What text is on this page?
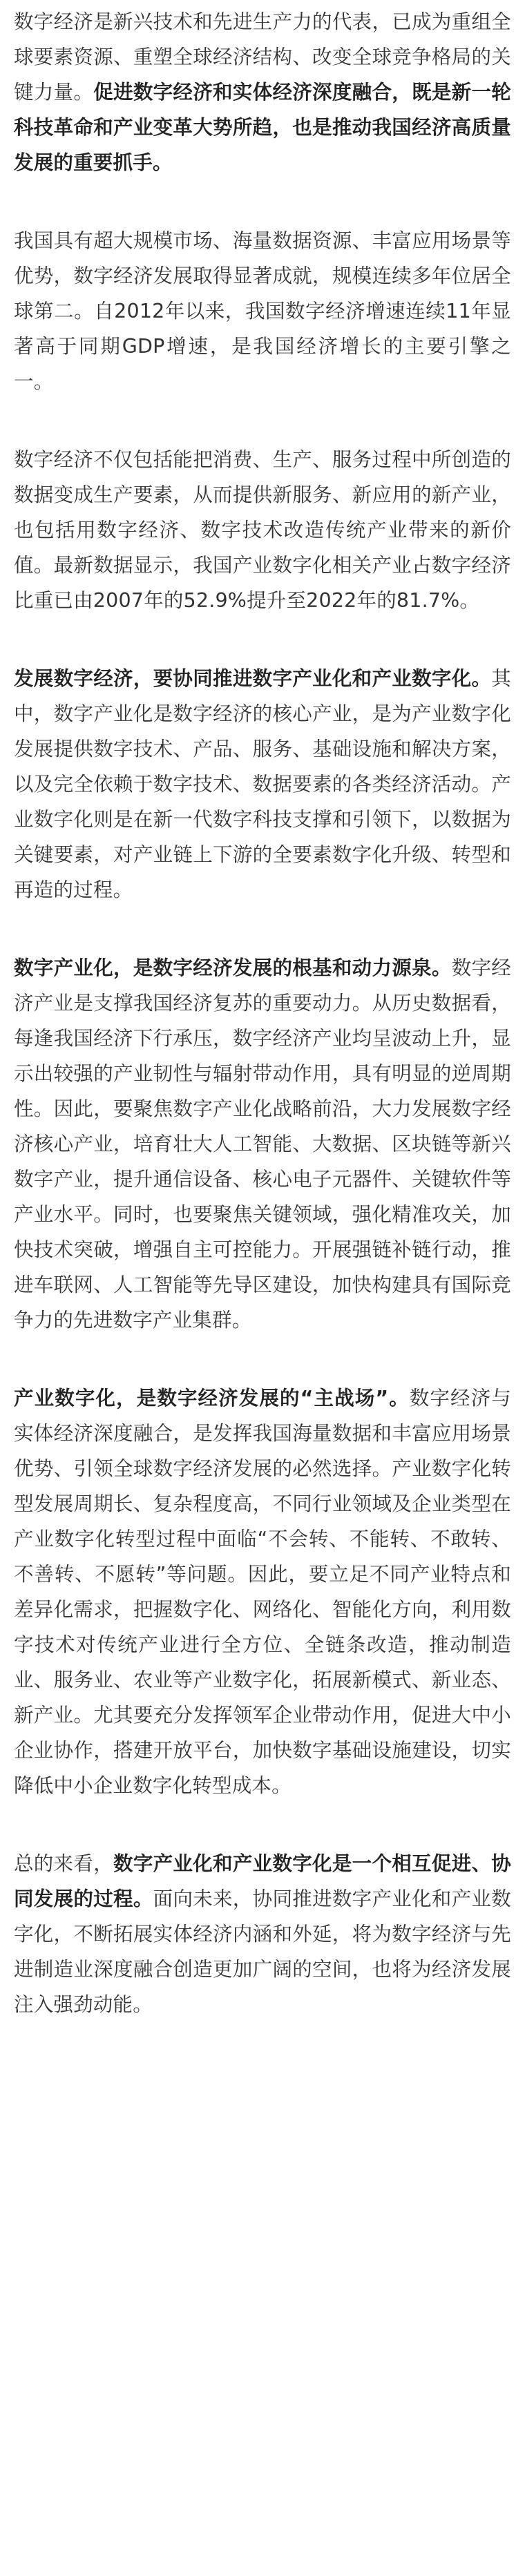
数字经济是新兴技术和先进生产力的代表，已成为重组全球要素资源、重塑全球经济结构、改变全球竞争格局的关键力量。促进数字经济和实体经济深度融合，既是新一轮科技革命和产业变革大势所趋，也是推动我国经济高质量发展的重要抓手。

我国具有超大规模市场、海量数据资源、丰富应用场景等优势，数字经济发展取得显著成就，规模连续多年位居全球第二。自2012年以来，我国数字经济增速连续11年显著高于同期GDP增速，是我国经济增长的主要引擎之一。

数字经济不仅包括能把消费、生产、服务过程中所创造的数据变成生产要素，从而提供新服务、新应用的新产业，也包括用数字经济、数字技术改造传统产业带来的新价值。最新数据显示，我国产业数字化相关产业占数字经济比重已由2007年的52.9%提升至2022年的81.7%。

发展数字经济，要协同推进数字产业化和产业数字化。其中，数字产业化是数字经济的核心产业，是为产业数字化发展提供数字技术、产品、服务、基础设施和解决方案，以及完全依赖于数字技术、数据要素的各类经济活动。产业数字化则是在新一代数字科技支撑和引领下，以数据为关键要素，对产业链上下游的全要素数字化升级、转型和再造的过程。

数字产业化，是数字经济发展的根基和动力源泉。数字经济产业是支撑我国经济复苏的重要动力。从历史数据看，每逢我国经济下行承压，数字经济产业均呈波动上升，显示出较强的产业韧性与辐射带动作用，具有明显的逆周期性。因此，要聚焦数字产业化战略前沿，大力发展数字经济核心产业，培育壮大人工智能、大数据、区块链等新兴数字产业，提升通信设备、核心电子元器件、关键软件等产业水平。同时，也要聚焦关键领域，强化精准攻关，加快技术突破，增强自主可控能力。开展强链补链行动，推进车联网、人工智能等先导区建设，加快构建具有国际竞争力的先进数字产业集群。

产业数字化，是数字经济发展的“主战场”。数字经济与实体经济深度融合，是发挥我国海量数据和丰富应用场景优势、引领全球数字经济发展的必然选择。产业数字化转型发展周期长、复杂程度高，不同行业领域及企业类型在产业数字化转型过程中面临“不会转、不能转、不敢转、不善转、不愿转”等问题。因此，要立足不同产业特点和差异化需求，把握数字化、网络化、智能化方向，利用数字技术对传统产业进行全方位、全链条改造，推动制造业、服务业、农业等产业数字化，拓展新模式、新业态、新产业。尤其要充分发挥领军企业带动作用，促进大中小企业协作，搭建开放平台，加快数字基础设施建设，切实降低中小企业数字化转型成本。

总的来看，数字产业化和产业数字化是一个相互促进、协同发展的过程。面向未来，协同推进数字产业化和产业数字化，不断拓展实体经济内涵和外延，将为数字经济与先进制造业深度融合创造更加广阔的空间，也将为经济发展注入强劲动能。
